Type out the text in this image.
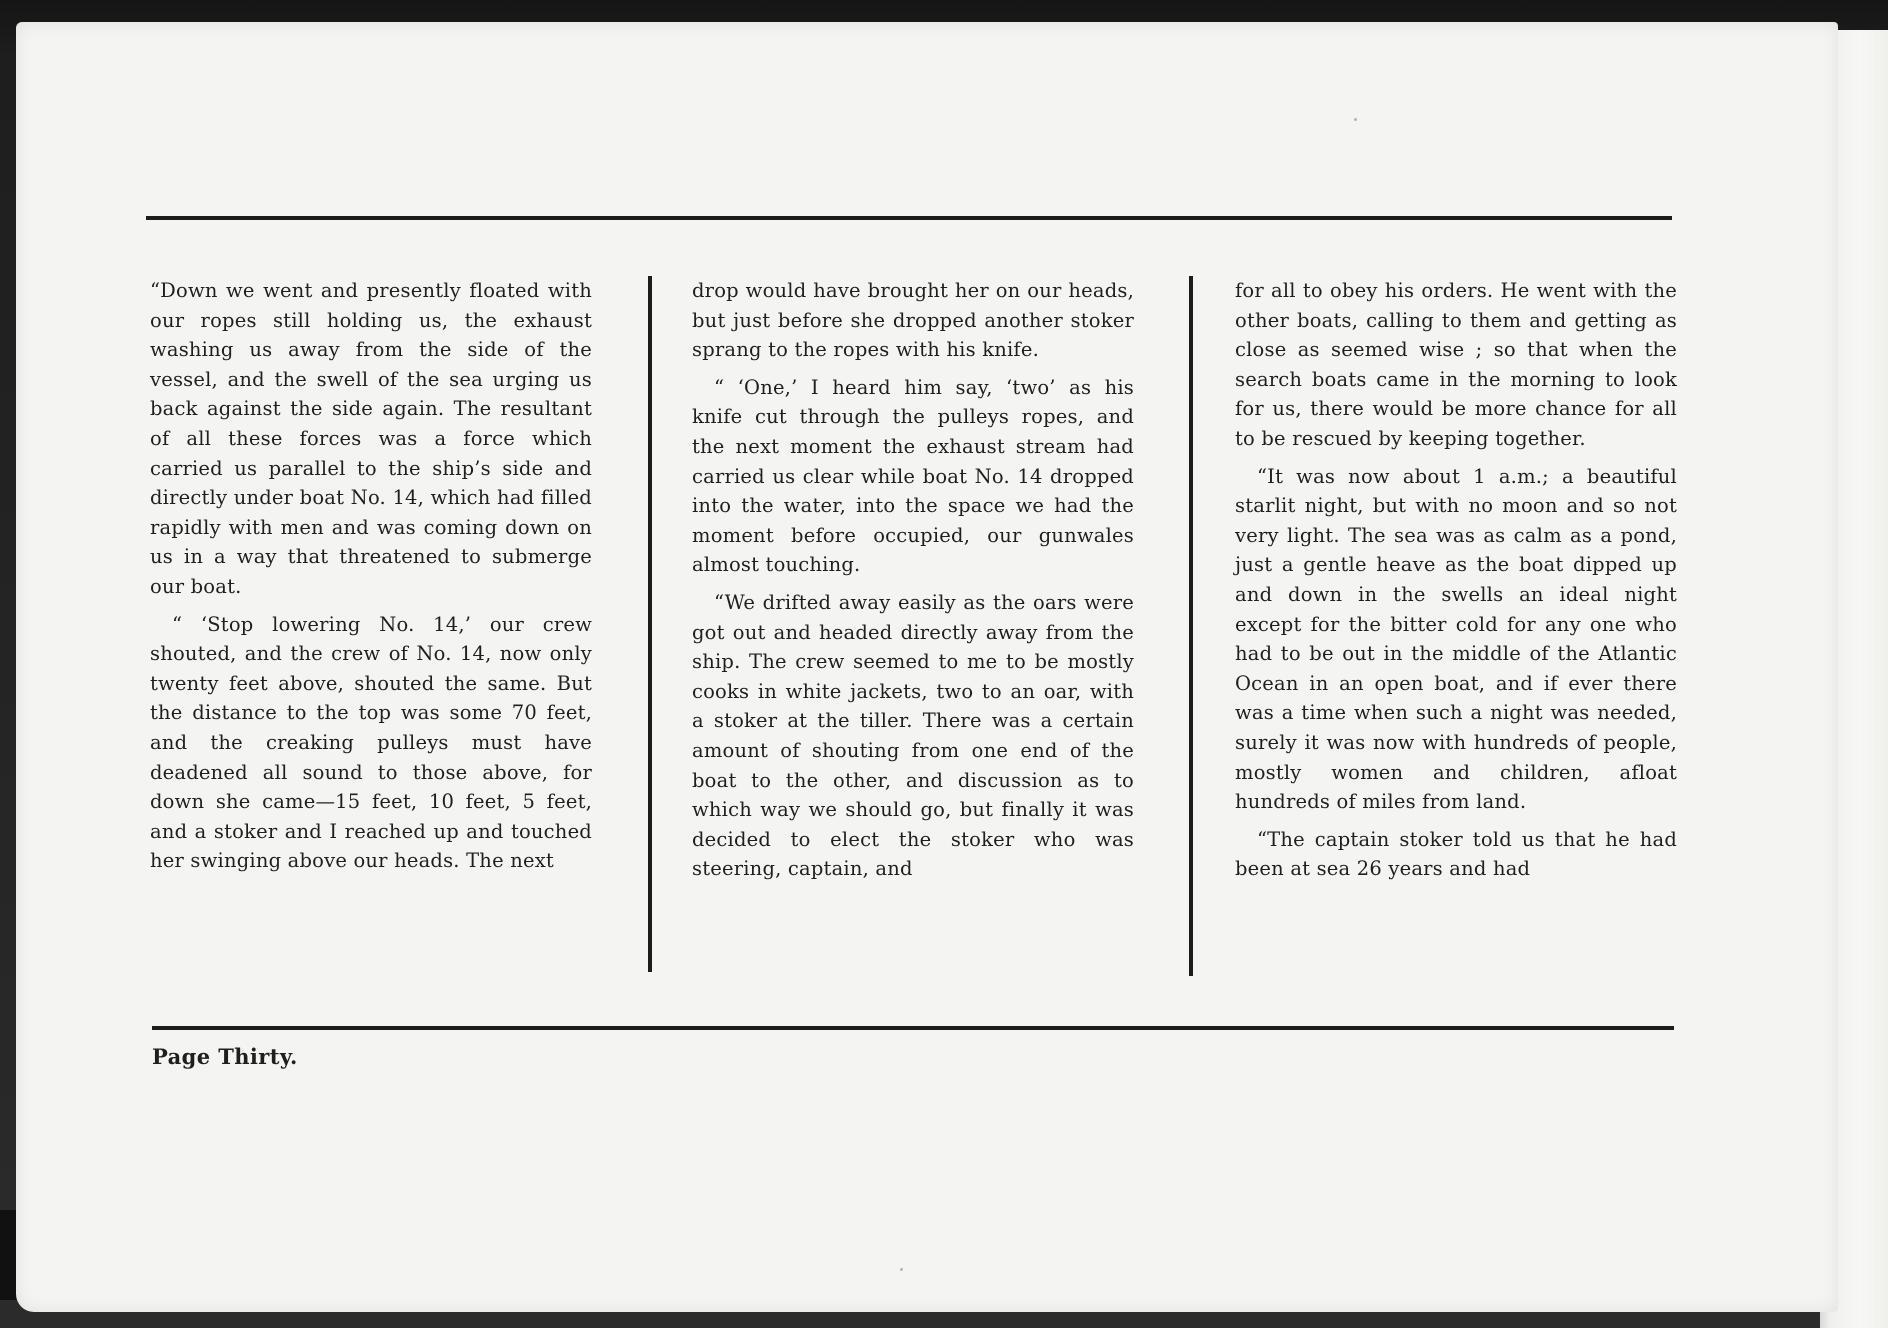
“Down we went and presently floated with our ropes still holding us, the exhaust washing us away from the side of the vessel, and the swell of the sea urging us back against the side again. The resultant of all these forces was a force which carried us parallel to the ship’s side and directly under boat No. 14, which had filled rapidly with men and was coming down on us in a way that threatened to submerge our boat.

“ ‘Stop lowering No. 14,’ our crew shouted, and the crew of No. 14, now only twenty feet above, shouted the same. But the distance to the top was some 70 feet, and the creaking pulleys must have deadened all sound to those above, for down she came—15 feet, 10 feet, 5 feet, and a stoker and I reached up and touched her swinging above our heads. The next

drop would have brought her on our heads, but just before she dropped another stoker sprang to the ropes with his knife.

“ ‘One,’ I heard him say, ‘two’ as his knife cut through the pulleys ropes, and the next moment the exhaust stream had carried us clear while boat No. 14 dropped into the water, into the space we had the moment before occupied, our gunwales almost touching.

“We drifted away easily as the oars were got out and headed directly away from the ship. The crew seemed to me to be mostly cooks in white jackets, two to an oar, with a stoker at the tiller. There was a certain amount of shouting from one end of the boat to the other, and discussion as to which way we should go, but finally it was decided to elect the stoker who was steering, captain, and

for all to obey his orders. He went with the other boats, calling to them and getting as close as seemed wise ; so that when the search boats came in the morning to look for us, there would be more chance for all to be rescued by keeping together.

“It was now about 1 a.m.; a beautiful starlit night, but with no moon and so not very light. The sea was as calm as a pond, just a gentle heave as the boat dipped up and down in the swells an ideal night except for the bitter cold for any one who had to be out in the middle of the Atlantic Ocean in an open boat, and if ever there was a time when such a night was needed, surely it was now with hundreds of people, mostly women and children, afloat hundreds of miles from land.

“The captain stoker told us that he had been at sea 26 years and had

Page Thirty.
